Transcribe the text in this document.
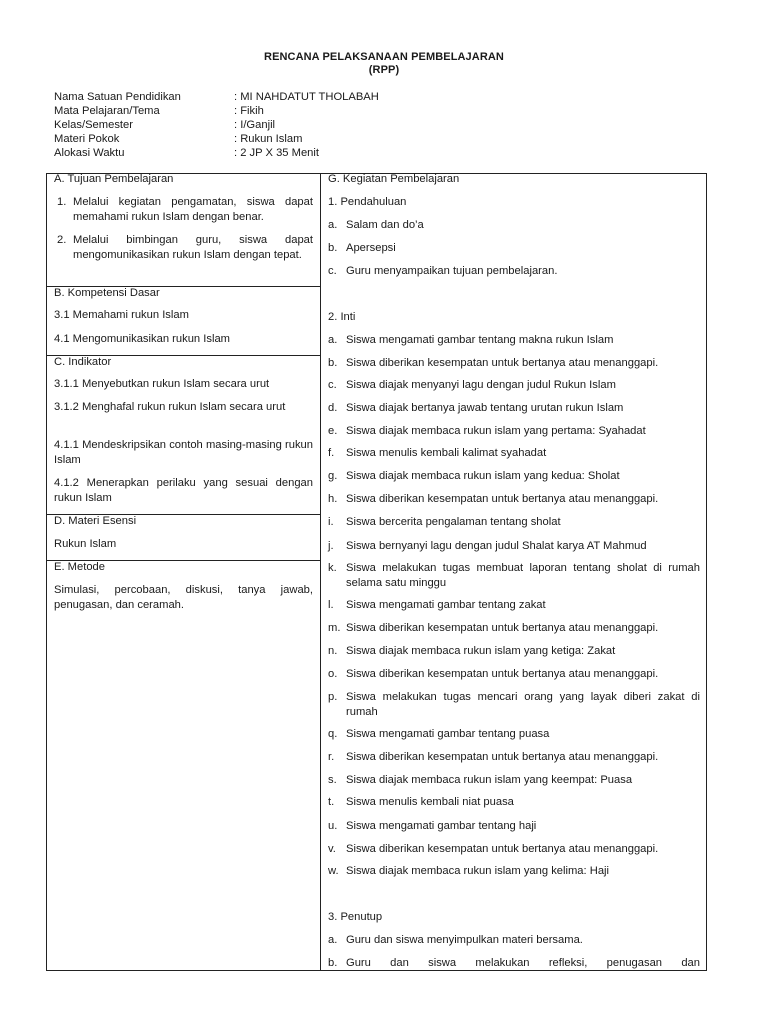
RENCANA PELAKSANAAN PEMBELAJARAN
(RPP)
Nama Satuan Pendidikan	: MI NAHDATUT THOLABAH
Mata Pelajaran/Tema	: Fikih
Kelas/Semester	: I/Ganjil
Materi Pokok	: Rukun Islam
Alokasi Waktu	: 2 JP X 35 Menit
A. Tujuan Pembelajaran
1. Melalui kegiatan pengamatan, siswa dapat memahami rukun Islam dengan benar.
2. Melalui bimbingan guru, siswa dapat mengomunikasikan rukun Islam dengan tepat.
B. Kompetensi Dasar
3.1 Memahami rukun Islam
4.1 Mengomunikasikan rukun Islam
C. Indikator
3.1.1 Menyebutkan rukun Islam secara urut
3.1.2 Menghafal rukun rukun Islam secara urut
4.1.1 Mendeskripsikan contoh masing-masing rukun Islam
4.1.2 Menerapkan perilaku yang sesuai dengan rukun Islam
D. Materi Esensi
Rukun Islam
E. Metode
Simulasi, percobaan, diskusi, tanya jawab, penugasan, dan ceramah.
G. Kegiatan Pembelajaran
1. Pendahuluan
a. Salam dan do’a
b. Apersepsi
c. Guru menyampaikan tujuan pembelajaran.
2. Inti
a. Siswa mengamati gambar tentang makna rukun Islam
b. Siswa diberikan kesempatan untuk bertanya atau menanggapi.
c. Siswa diajak menyanyi lagu dengan judul Rukun Islam
d. Siswa diajak bertanya jawab tentang urutan rukun Islam
e. Siswa diajak membaca rukun islam yang pertama: Syahadat
f. Siswa menulis kembali kalimat syahadat
g. Siswa diajak membaca rukun islam yang kedua: Sholat
h. Siswa diberikan kesempatan untuk bertanya atau menanggapi.
i. Siswa bercerita pengalaman tentang sholat
j. Siswa bernyanyi lagu dengan judul Shalat karya AT Mahmud
k. Siswa melakukan tugas membuat laporan tentang sholat di rumah selama satu minggu
l. Siswa mengamati gambar tentang zakat
m. Siswa diberikan kesempatan untuk bertanya atau menanggapi.
n. Siswa diajak membaca rukun islam yang ketiga: Zakat
o. Siswa diberikan kesempatan untuk bertanya atau menanggapi.
p. Siswa melakukan tugas mencari orang yang layak diberi zakat di rumah
q. Siswa mengamati gambar tentang puasa
r. Siswa diberikan kesempatan untuk bertanya atau menanggapi.
s. Siswa diajak membaca rukun islam yang keempat: Puasa
t. Siswa menulis kembali niat puasa
u. Siswa mengamati gambar tentang haji
v. Siswa diberikan kesempatan untuk bertanya atau menanggapi.
w. Siswa diajak membaca rukun islam yang kelima: Haji
3. Penutup
a. Guru dan siswa menyimpulkan materi bersama.
b. Guru dan siswa melakukan refleksi, penugasan dan
